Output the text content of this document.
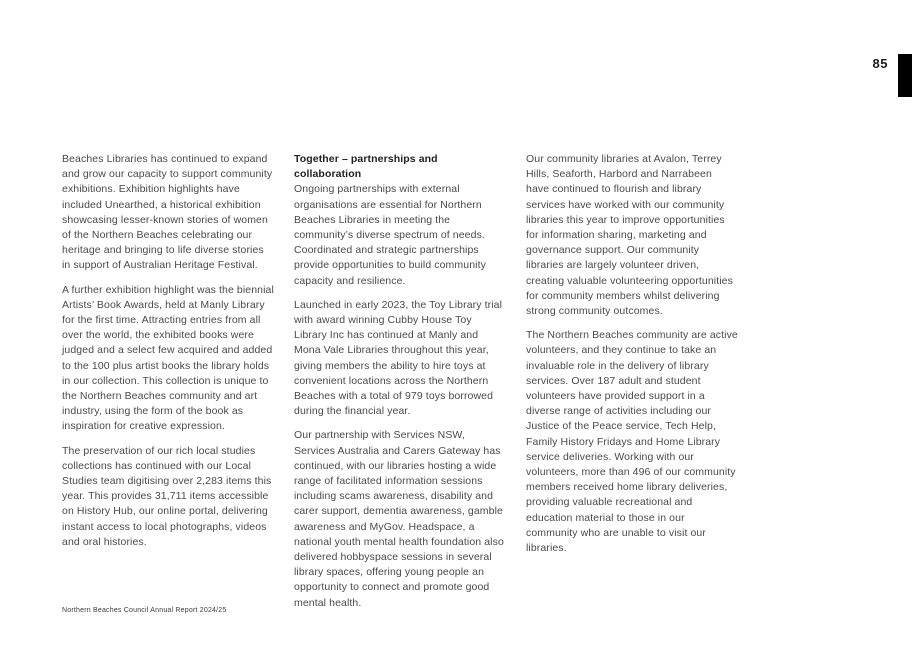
85

Beaches Libraries has continued to expand and grow our capacity to support community exhibitions. Exhibition highlights have included Unearthed, a historical exhibition showcasing lesser-known stories of women of the Northern Beaches celebrating our heritage and bringing to life diverse stories in support of Australian Heritage Festival.

A further exhibition highlight was the biennial Artists’ Book Awards, held at Manly Library for the first time. Attracting entries from all over the world, the exhibited books were judged and a select few acquired and added to the 100 plus artist books the library holds in our collection. This collection is unique to the Northern Beaches community and art industry, using the form of the book as inspiration for creative expression.

The preservation of our rich local studies collections has continued with our Local Studies team digitising over 2,283 items this year. This provides 31,711 items accessible on History Hub, our online portal, delivering instant access to local photographs, videos and oral histories.

Together – partnerships and collaboration

Ongoing partnerships with external organisations are essential for Northern Beaches Libraries in meeting the community’s diverse spectrum of needs. Coordinated and strategic partnerships provide opportunities to build community capacity and resilience.

Launched in early 2023, the Toy Library trial with award winning Cubby House Toy Library Inc has continued at Manly and Mona Vale Libraries throughout this year, giving members the ability to hire toys at convenient locations across the Northern Beaches with a total of 979 toys borrowed during the financial year.

Our partnership with Services NSW, Services Australia and Carers Gateway has continued, with our libraries hosting a wide range of facilitated information sessions including scams awareness, disability and carer support, dementia awareness, gamble awareness and MyGov. Headspace, a national youth mental health foundation also delivered hobbyspace sessions in several library spaces, offering young people an opportunity to connect and promote good mental health.

Our community libraries at Avalon, Terrey Hills, Seaforth, Harbord and Narrabeen have continued to flourish and library services have worked with our community libraries this year to improve opportunities for information sharing, marketing and governance support. Our community libraries are largely volunteer driven, creating valuable volunteering opportunities for community members whilst delivering strong community outcomes.

The Northern Beaches community are active volunteers, and they continue to take an invaluable role in the delivery of library services. Over 187 adult and student volunteers have provided support in a diverse range of activities including our Justice of the Peace service, Tech Help, Family History Fridays and Home Library service deliveries. Working with our volunteers, more than 496 of our community members received home library deliveries, providing valuable recreational and education material to those in our community who are unable to visit our libraries.

Northern Beaches Council Annual Report 2024/25
